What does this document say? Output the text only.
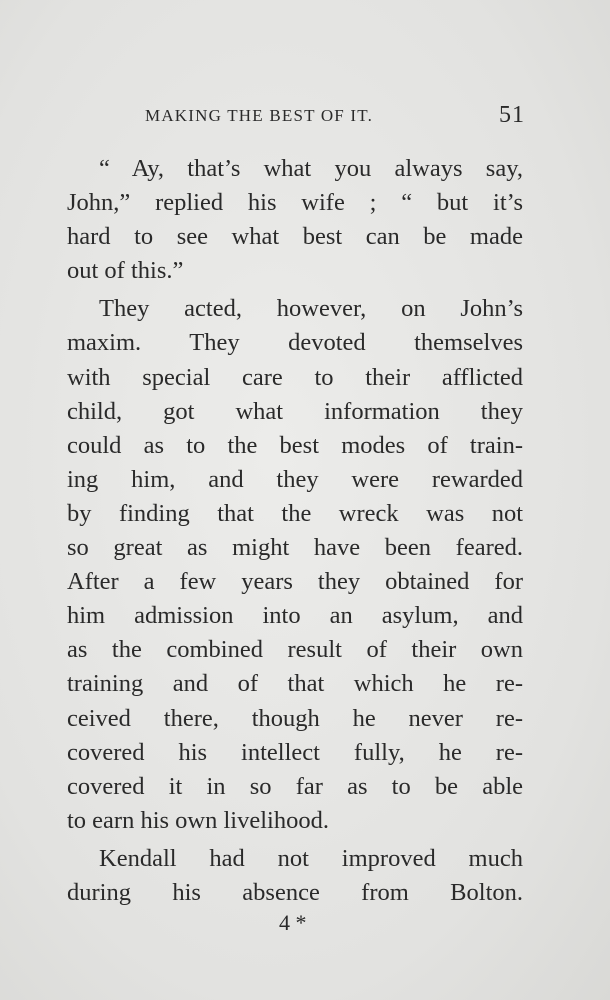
MAKING THE BEST OF IT.	51
“ Ay, that’s what you always say,
John,” replied his wife ; “ but it’s
hard to see what best can be made
out of this.”
They acted, however, on John’s
maxim. They devoted themselves
with special care to their afflicted
child, got what information they
could as to the best modes of train-
ing him, and they were rewarded
by finding that the wreck was not
so great as might have been feared.
After a few years they obtained for
him admission into an asylum, and
as the combined result of their own
training and of that which he re-
ceived there, though he never re-
covered his intellect fully, he re-
covered it in so far as to be able
to earn his own livelihood.
Kendall had not improved much
during his absence from Bolton.
4 *
